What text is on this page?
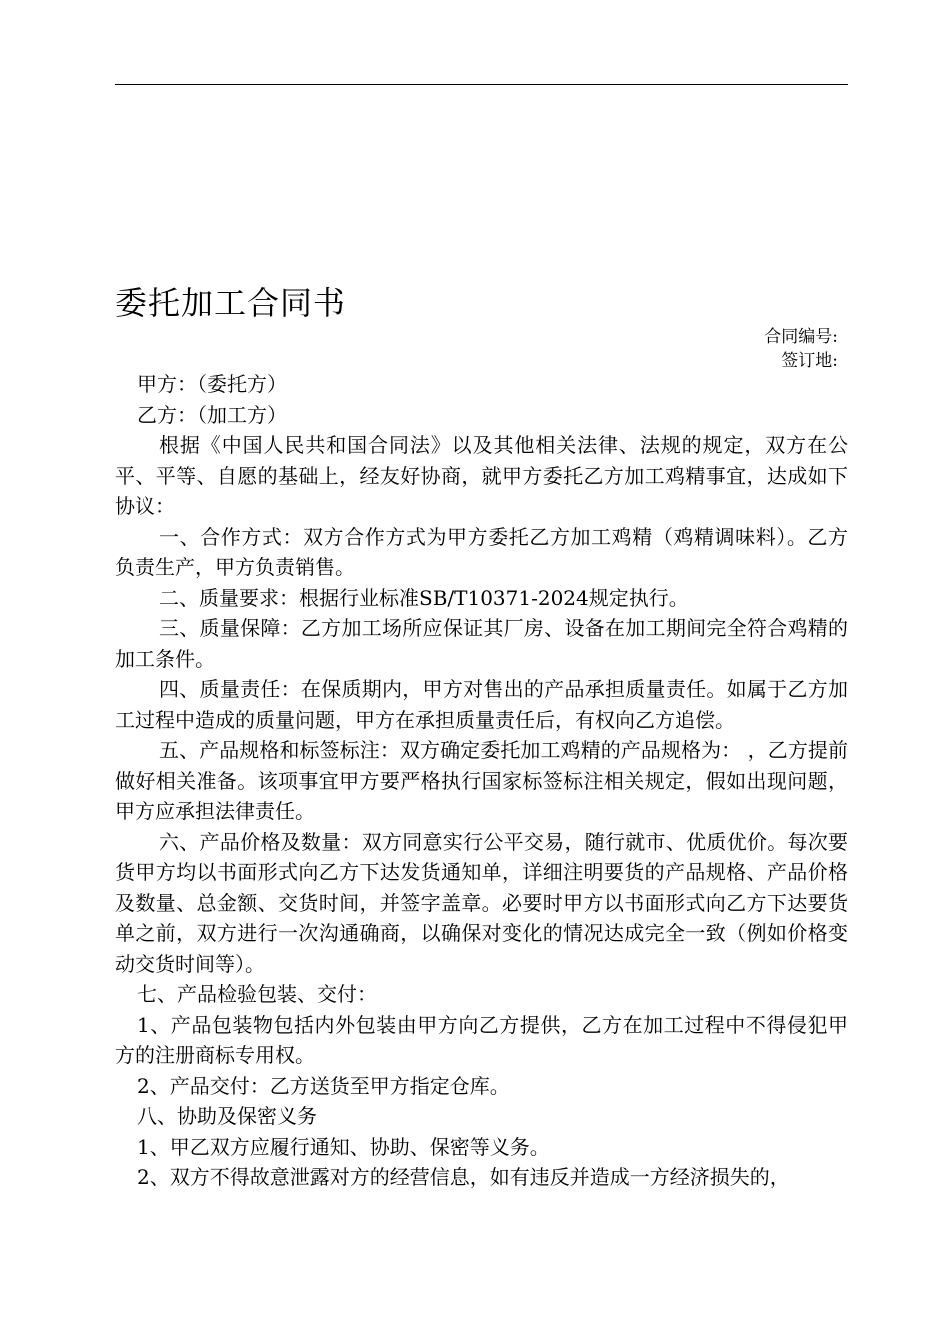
委托加工合同书
合同编号:
签订地:

甲方：（委托方）

乙方：（加工方）

根据《中国人民共和国合同法》以及其他相关法律、法规的规定，双方在公平、平等、自愿的基础上，经友好协商，就甲方委托乙方加工鸡精事宜，达成如下协议：

一、合作方式：双方合作方式为甲方委托乙方加工鸡精（鸡精调味料）。乙方负责生产，甲方负责销售。

二、质量要求：根据行业标准SB/T10371-2024规定执行。

三、质量保障：乙方加工场所应保证其厂房、设备在加工期间完全符合鸡精的加工条件。

四、质量责任：在保质期内，甲方对售出的产品承担质量责任。如属于乙方加工过程中造成的质量问题，甲方在承担质量责任后，有权向乙方追偿。

五、产品规格和标签标注：双方确定委托加工鸡精的产品规格为： ，乙方提前做好相关准备。该项事宜甲方要严格执行国家标签标注相关规定，假如出现问题，甲方应承担法律责任。

六、产品价格及数量：双方同意实行公平交易，随行就市、优质优价。每次要货甲方均以书面形式向乙方下达发货通知单，详细注明要货的产品规格、产品价格及数量、总金额、交货时间，并签字盖章。必要时甲方以书面形式向乙方下达要货单之前，双方进行一次沟通确商，以确保对变化的情况达成完全一致（例如价格变动交货时间等）。

七、产品检验包装、交付：

1、产品包装物包括内外包装由甲方向乙方提供，乙方在加工过程中不得侵犯甲方的注册商标专用权。

2、产品交付：乙方送货至甲方指定仓库。

八、协助及保密义务

1、甲乙双方应履行通知、协助、保密等义务。

2、双方不得故意泄露对方的经营信息，如有违反并造成一方经济损失的，
